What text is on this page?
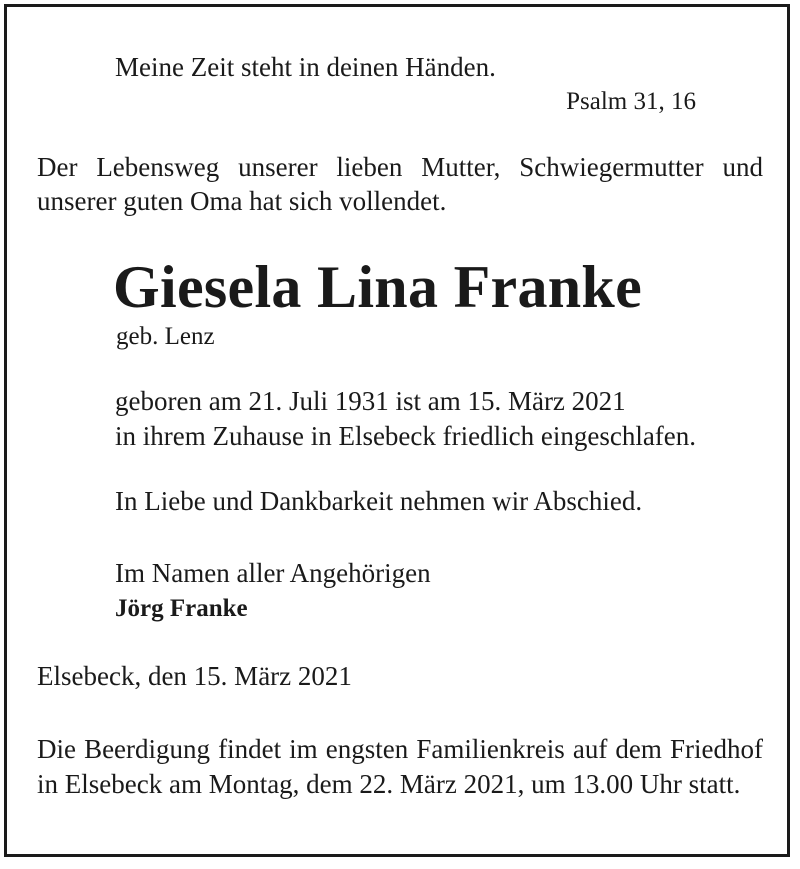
Meine Zeit steht in deinen Händen.

Psalm 31, 16

Der Lebensweg unserer lieben Mutter, Schwiegermutter und unserer guten Oma hat sich vollendet.

Giesela Lina Franke

geb. Lenz

geboren am 21. Juli 1931 ist am 15. März 2021

in ihrem Zuhause in Elsebeck friedlich eingeschlafen.

In Liebe und Dankbarkeit nehmen wir Abschied.

Im Namen aller Angehörigen

Jörg Franke

Elsebeck, den 15. März 2021

Die Beerdigung findet im engsten Familienkreis auf dem Friedhof in Elsebeck am Montag, dem 22. März 2021, um 13.00 Uhr statt.
